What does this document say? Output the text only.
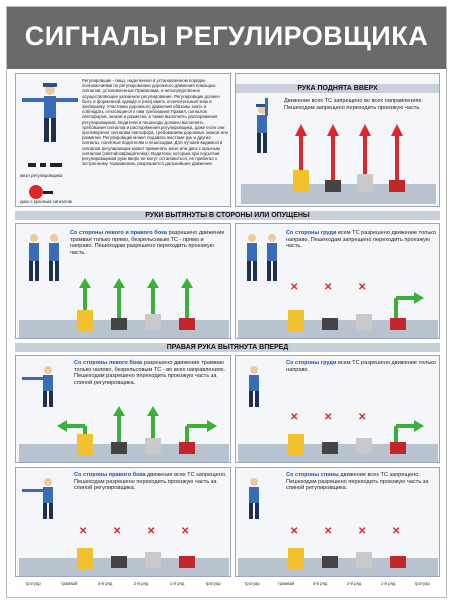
СИГНАЛЫ РЕГУЛИРОВЩИКА
жезл регулировщика
диск с красным сигналом
Регулировщик - лицо, наделенное в установленном порядке полномочиями по регулированию дорожного движения помощью сигналов, установленных Правилами, и непосредственно осуществляющее указанное регулирование. Регулировщик должен быть в форменной одежде и (или) иметь отличительный знак и экипировку. Участники дорожного движения обязаны знать и соблюдать относящиеся к ним требования Правил, сигналов светофоров, знаков и разметки, а также выполнять распоряжения регулировщиков. Водители и пешеходы должны выполнять требования сигналов и распоряжения регулировщика, даже если они противоречат сигналам светофора, требованиям дорожных знаков или разметки. Регулировщик может подавать жестами рук и другие сигналы, понятные водителям и пешеходам. Для лучшей видимости сигналов регулировщик может применять жезл или диск с красным сигналом (световозвращателем). Водители, которым при подъятии регулировщиком руки вверх не могут остановиться, не прибегая к экстренному торможению, разрешается дальнейшее движение.
РУКА ПОДНЯТА ВВЕРХ
Движение всех ТС запрещено во всех направлениях. Пешеходам запрещено переходить проезжую часть.
РУКИ ВЫТЯНУТЫ В СТОРОНЫ ИЛИ ОПУЩЕНЫ
Со стороны левого и правого бока разрешено движение трамвая только прямо, безрельсовым ТС - прямо и направо. Пешеходам разрешено переходить проезжую часть.
Со стороны груди всем ТС разрешено движение только направо. Пешеходам запрещено переходить проезжую часть.
✕	✕	✕
ПРАВАЯ РУКА ВЫТЯНУТА ВПЕРЕД
Со стороны левого бока разрешено движение трамваю только налево, безрельсовым ТС - во всех направлениях. Пешеходам разрешено переходить проезжую часть за спиной регулировщика.
Со стороны груди всем ТС разрешено движение только направо.
✕	✕	✕
Со стороны правого бока движение всех ТС запрещено. Пешеходам разрешено переходить проезжую часть за спиной регулировщика.
✕	✕	✕	✕
Со стороны спины движение всех ТС запрещено. Пешеходам разрешено переходить проезжую часть за спиной регулировщика.
✕	✕	✕	✕
тротуар	трамвай	3-й ряд	2-й ряд	1-й ряд	тротуар	тротуар	трамвай	3-й ряд	2-й ряд	1-й ряд	тротуар
